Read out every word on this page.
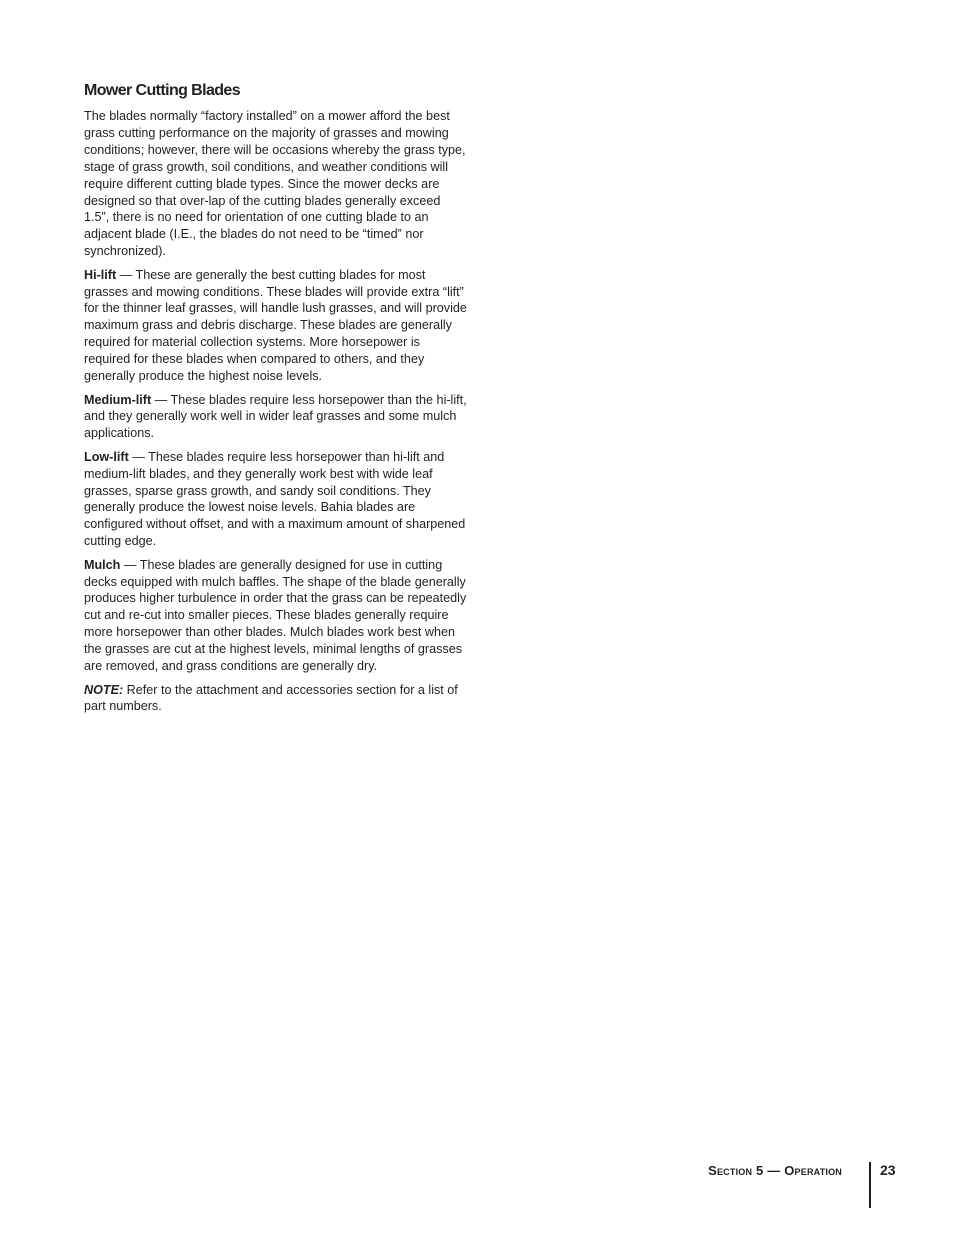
Mower Cutting Blades

The blades normally “factory installed” on a mower afford the best grass cutting performance on the majority of grasses and mowing conditions; however, there will be occasions whereby the grass type, stage of grass growth, soil conditions, and weather conditions will require different cutting blade types. Since the mower decks are designed so that over-lap of the cutting blades generally exceed 1.5”, there is no need for orientation of one cutting blade to an adjacent blade (I.E., the blades do not need to be “timed” nor synchronized).

Hi-lift — These are generally the best cutting blades for most grasses and mowing conditions. These blades will provide extra “lift” for the thinner leaf grasses, will handle lush grasses, and will provide maximum grass and debris discharge. These blades are generally required for material collection systems. More horsepower is required for these blades when compared to others, and they generally produce the highest noise levels.

Medium-lift — These blades require less horsepower than the hi-lift, and they generally work well in wider leaf grasses and some mulch applications.

Low-lift — These blades require less horsepower than hi-lift and medium-lift blades, and they generally work best with wide leaf grasses, sparse grass growth, and sandy soil conditions. They generally produce the lowest noise levels. Bahia blades are configured without offset, and with a maximum amount of sharpened cutting edge.

Mulch — These blades are generally designed for use in cutting decks equipped with mulch baffles. The shape of the blade generally produces higher turbulence in order that the grass can be repeatedly cut and re-cut into smaller pieces. These blades generally require more horsepower than other blades. Mulch blades work best when the grasses are cut at the highest levels, minimal lengths of grasses are removed, and grass conditions are generally dry.

NOTE: Refer to the attachment and accessories section for a list of part numbers.

Section 5 — Operation	23
